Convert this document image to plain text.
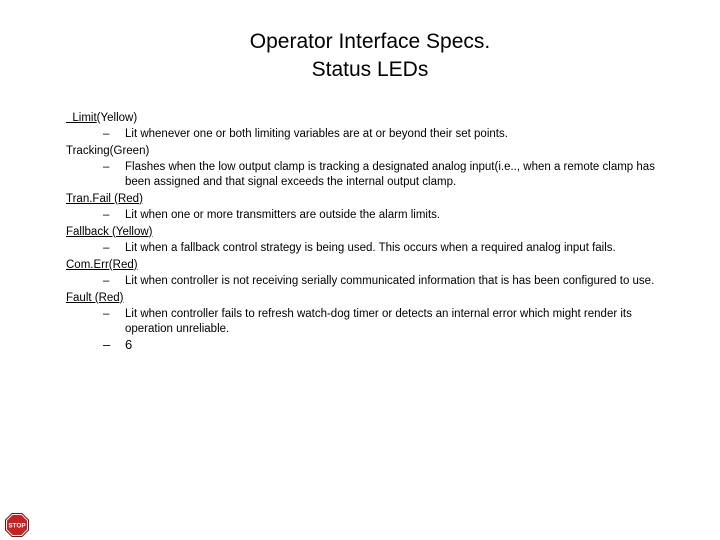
Operator Interface Specs.
Status LEDs
Limit(Yellow)
– Lit whenever one or both limiting variables are at or beyond their set points.
Tracking(Green)
– Flashes when the low output clamp is tracking a designated analog input(i.e.., when a remote clamp has been assigned and that signal exceeds the internal output clamp.
Tran.Fail (Red)
– Lit when one or more transmitters are outside the alarm limits.
Fallback (Yellow)
– Lit when a fallback control strategy is being used. This occurs when a required analog input fails.
Com.Err(Red)
– Lit when controller is not receiving serially communicated information that is has been configured to use.
Fault (Red)
– Lit when controller fails to refresh watch-dog timer or detects an internal error which might render its operation unreliable.
– 6
STOP
